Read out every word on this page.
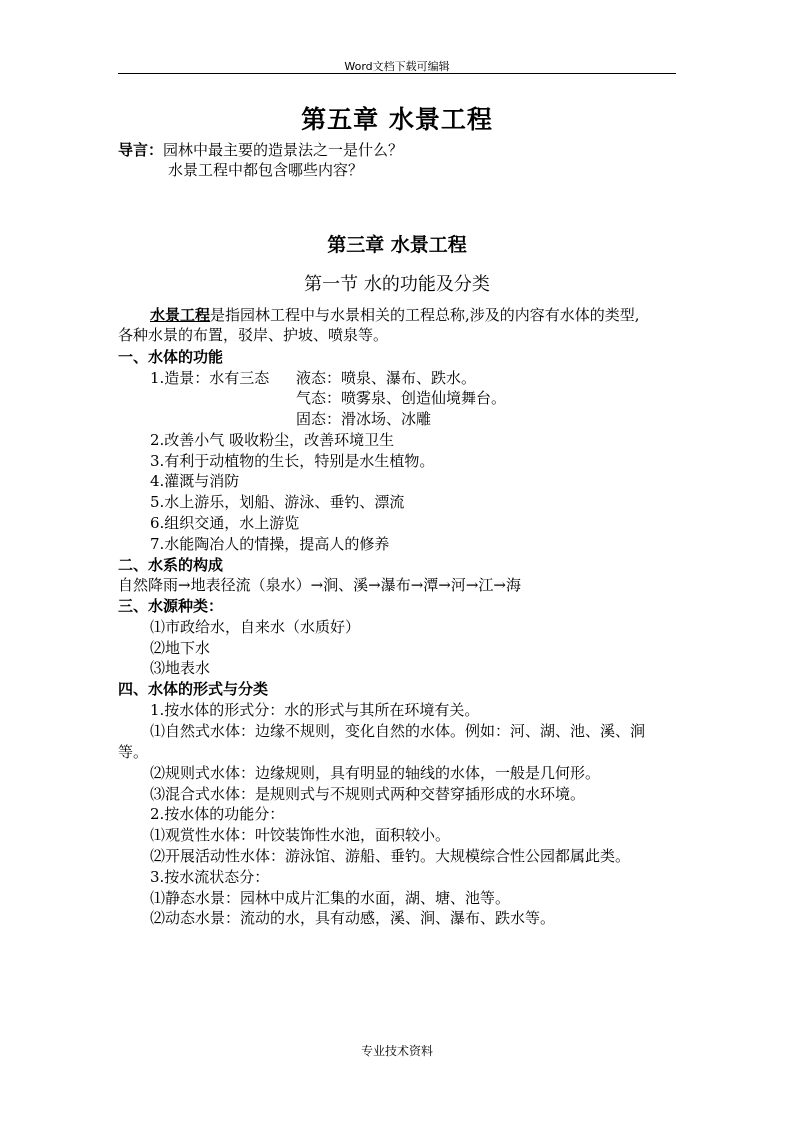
Word文档下载可编辑
第五章 水景工程
导言：园林中最主要的造景法之一是什么？
水景工程中都包含哪些内容？
第三章 水景工程
第一节 水的功能及分类
水景工程是指园林工程中与水景相关的工程总称,涉及的内容有水体的类型,
各种水景的布置，驳岸、护坡、喷泉等。
一、水体的功能
1.造景：水有三态 液态：喷泉、瀑布、跌水。
气态：喷雾泉、创造仙境舞台。
固态：滑冰场、冰雕
2.改善小气 吸收粉尘，改善环境卫生
3.有利于动植物的生长，特别是水生植物。
4.灌溉与消防
5.水上游乐，划船、游泳、垂钓、漂流
6.组织交通，水上游览
7.水能陶冶人的情操，提高人的修养
二、水系的构成
自然降雨→地表径流（泉水）→涧、溪→瀑布→潭→河→江→海
三、水源种类：
⑴市政给水，自来水（水质好）
⑵地下水
⑶地表水
四、水体的形式与分类
1.按水体的形式分：水的形式与其所在环境有关。
⑴自然式水体：边缘不规则，变化自然的水体。例如：河、湖、池、溪、涧
等。
⑵规则式水体：边缘规则，具有明显的轴线的水体，一般是几何形。
⑶混合式水体：是规则式与不规则式两种交替穿插形成的水环境。
2.按水体的功能分：
⑴观赏性水体：叶饺装饰性水池，面积较小。
⑵开展活动性水体：游泳馆、游船、垂钓。大规模综合性公园都属此类。
3.按水流状态分：
⑴静态水景：园林中成片汇集的水面，湖、塘、池等。
⑵动态水景：流动的水，具有动感，溪、涧、瀑布、跌水等。
专业技术资料
